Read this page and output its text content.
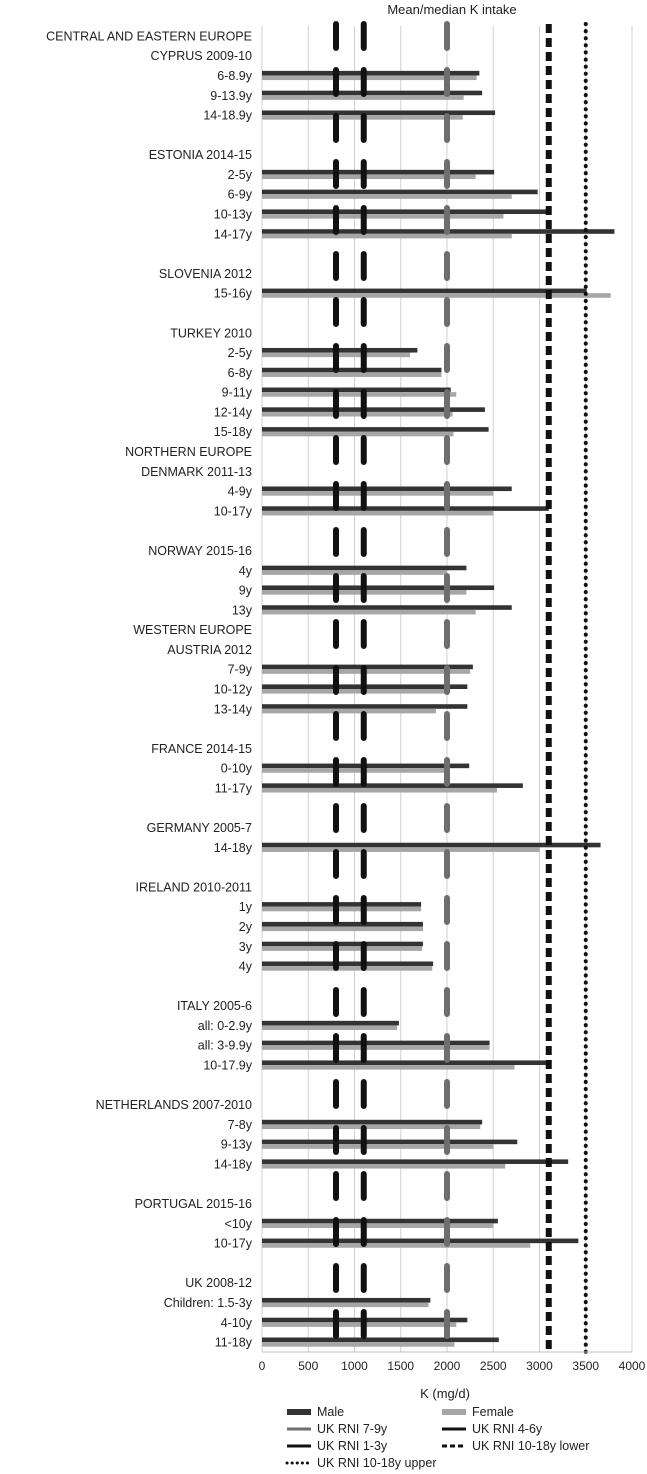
Mean/median K intake
CENTRAL AND EASTERN EUROPE
CYPRUS 2009-10
6-8.9y
9-13.9y
14-18.9y
ESTONIA 2014-15
2-5y
6-9y
10-13y
14-17y
SLOVENIA 2012
15-16y
TURKEY 2010
2-5y
6-8y
9-11y
12-14y
15-18y
NORTHERN EUROPE
DENMARK 2011-13
4-9y
10-17y
NORWAY 2015-16
4y
9y
13y
WESTERN EUROPE
AUSTRIA 2012
7-9y
10-12y
13-14y
FRANCE 2014-15
0-10y
11-17y
GERMANY 2005-7
14-18y
IRELAND 2010-2011
1y
2y
3y
4y
ITALY 2005-6
all: 0-2.9y
all: 3-9.9y
10-17.9y
NETHERLANDS 2007-2010
7-8y
9-13y
14-18y
PORTUGAL 2015-16
<10y
10-17y
UK 2008-12
Children: 1.5-3y
4-10y
11-18y
0	500 1000 1500 2000 2500 3000 3500 4000
K (mg/d)
Male	Female
UK RNI 7-9y	UK RNI 4-6y
UK RNI 1-3y	UK RNI 10-18y lower
UK RNI 10-18y upper
